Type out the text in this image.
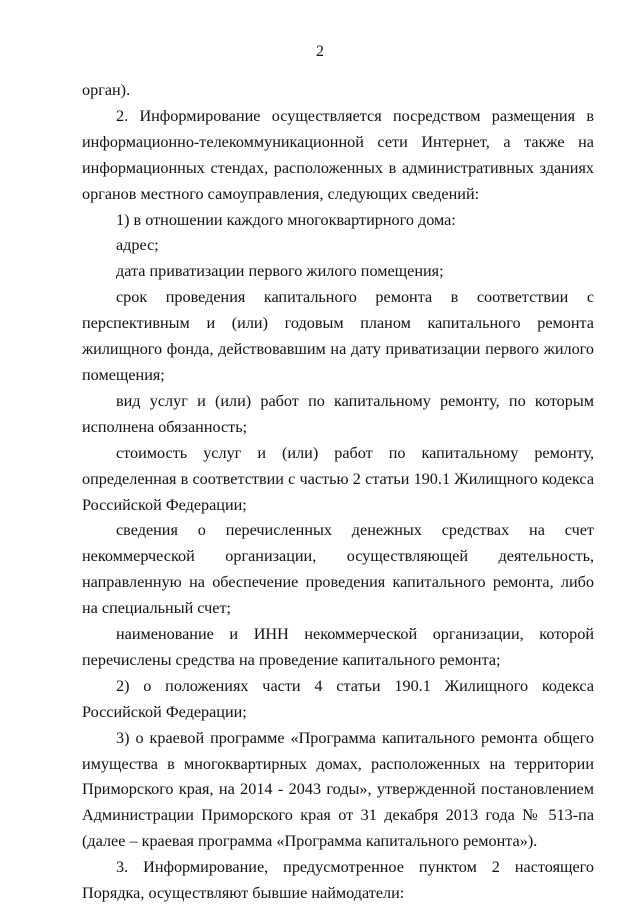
2

орган).

2. Информирование осуществляется посредством размещения в информационно-телекоммуникационной сети Интернет, а также на информационных стендах, расположенных в административных зданиях органов местного самоуправления, следующих сведений:

1) в отношении каждого многоквартирного дома:

адрес;

дата приватизации первого жилого помещения;

срок проведения капитального ремонта в соответствии с перспективным и (или) годовым планом капитального ремонта жилищного фонда, действовавшим на дату приватизации первого жилого помещения;

вид услуг и (или) работ по капитальному ремонту, по которым исполнена обязанность;

стоимость услуг и (или) работ по капитальному ремонту, определенная в соответствии с частью 2 статьи 190.1 Жилищного кодекса Российской Федерации;

сведения о перечисленных денежных средствах на счет некоммерческой организации, осуществляющей деятельность, направленную на обеспечение проведения капитального ремонта, либо на специальный счет;

наименование и ИНН некоммерческой организации, которой перечислены средства на проведение капитального ремонта;

2) о положениях части 4 статьи 190.1 Жилищного кодекса Российской Федерации;

3) о краевой программе «Программа капитального ремонта общего имущества в многоквартирных домах, расположенных на территории Приморского края, на 2014 - 2043 годы», утвержденной постановлением Администрации Приморского края от 31 декабря 2013 года № 513-па (далее – краевая программа «Программа капитального ремонта»).

3. Информирование, предусмотренное пунктом 2 настоящего Порядка, осуществляют бывшие наймодатели:
